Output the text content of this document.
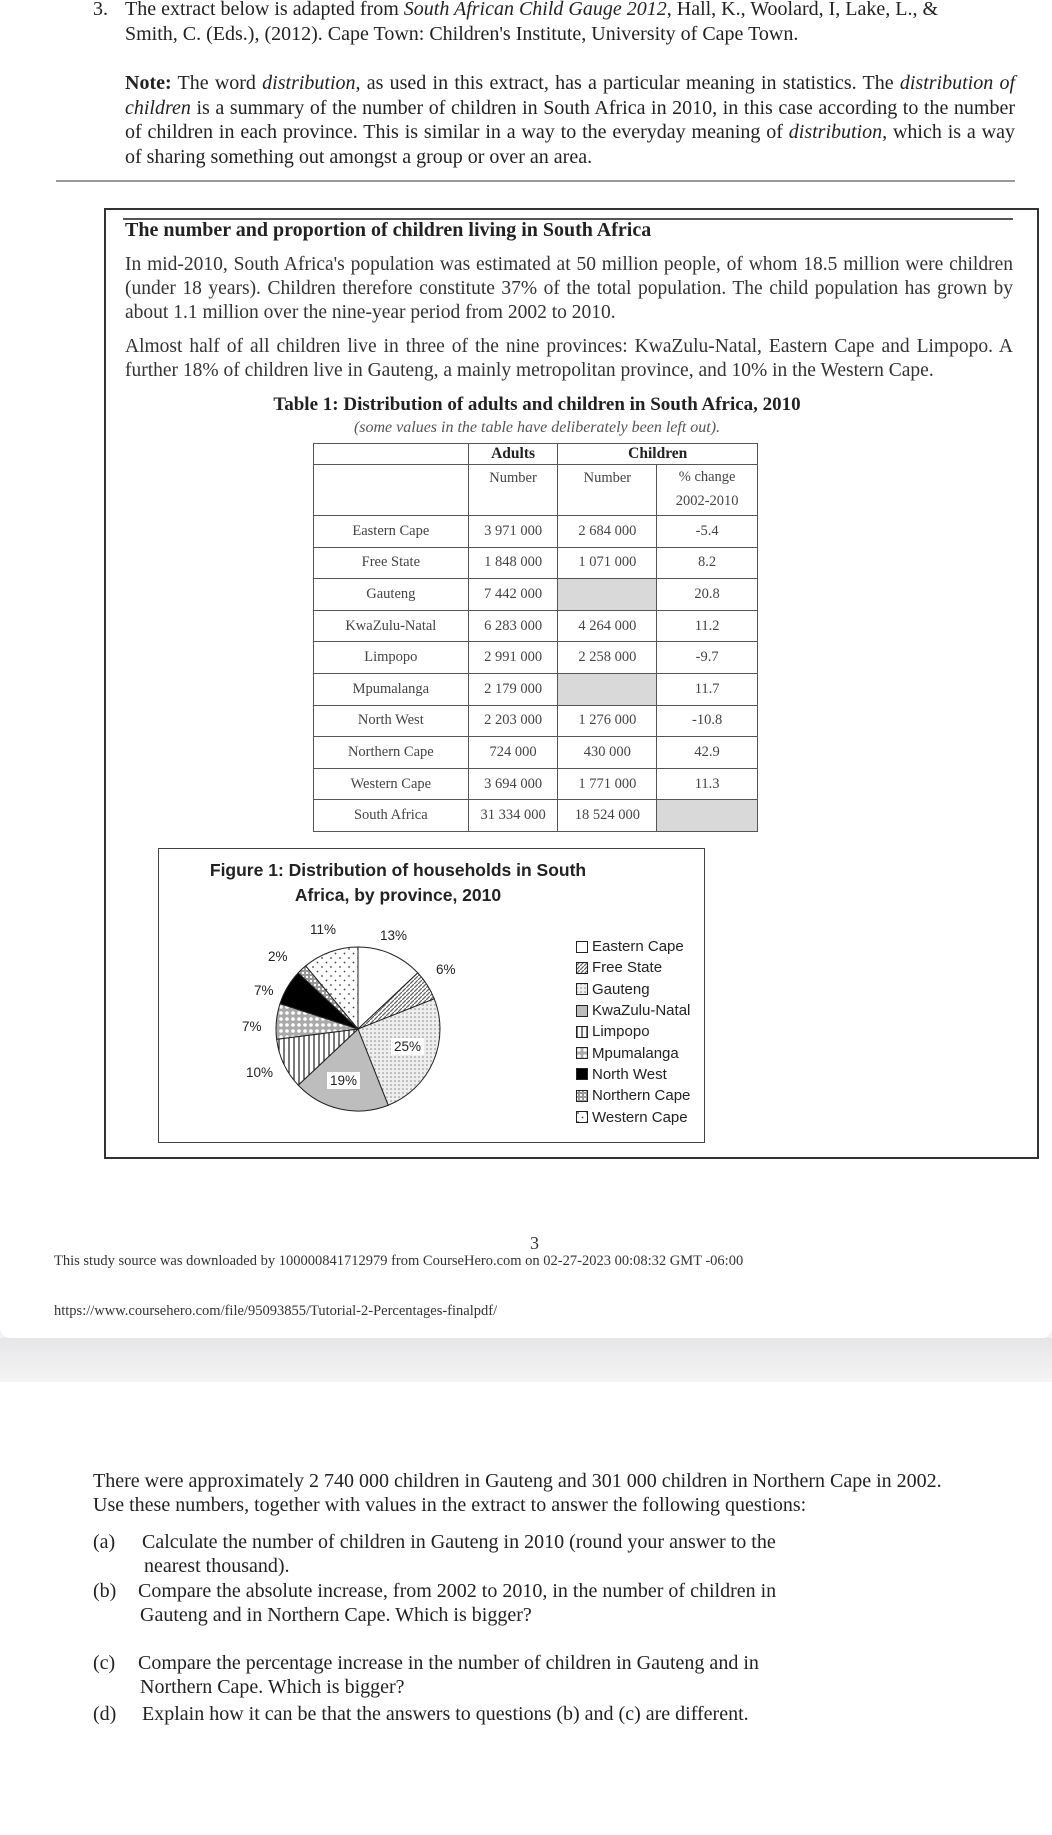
3. The extract below is adapted from South African Child Gauge 2012, Hall, K., Woolard, I, Lake, L., &
Smith, C. (Eds.), (2012). Cape Town: Children's Institute, University of Cape Town.
Note: The word distribution, as used in this extract, has a particular meaning in statistics. The distribution of children is a summary of the number of children in South Africa in 2010, in this case according to the number of children in each province. This is similar in a way to the everyday meaning of distribution, which is a way of sharing something out amongst a group or over an area.
The number and proportion of children living in South Africa
In mid-2010, South Africa's population was estimated at 50 million people, of whom 18.5 million were children (under 18 years). Children therefore constitute 37% of the total population. The child population has grown by about 1.1 million over the nine-year period from 2002 to 2010.
Almost half of all children live in three of the nine provinces: KwaZulu-Natal, Eastern Cape and Limpopo. A further 18% of children live in Gauteng, a mainly metropolitan province, and 10% in the Western Cape.
Table 1: Distribution of adults and children in South Africa, 2010
(some values in the table have deliberately been left out).
	Adults	Children	
	Number	Number	% change
2002-2010
Eastern Cape	3 971 000	2 684 000	-5.4
Free State	1 848 000	1 071 000	8.2
Gauteng	7 442 000		20.8
KwaZulu-Natal	6 283 000	4 264 000	11.2
Limpopo	2 991 000	2 258 000	-9.7
Mpumalanga	2 179 000		11.7
North West	2 203 000	1 276 000	-10.8
Northern Cape	724 000	430 000	42.9
Western Cape	3 694 000	1 771 000	11.3
South Africa	31 334 000	18 524 000	
Figure 1: Distribution of households in South
Africa, by province, 2010
13%
6%
25%
19%
10%
7%
7%
2%
11%
Eastern Cape
Free State
Gauteng
KwaZulu-Natal
Limpopo
Mpumalanga
North West
Northern Cape
Western Cape
3
This study source was downloaded by 100000841712979 from CourseHero.com on 02-27-2023 00:08:32 GMT -06:00
https://www.coursehero.com/file/95093855/Tutorial-2-Percentages-finalpdf/
There were approximately 2 740 000 children in Gauteng and 301 000 children in Northern Cape in 2002.
Use these numbers, together with values in the extract to answer the following questions:
(a) Calculate the number of children in Gauteng in 2010 (round your answer to the
nearest thousand).
(b) Compare the absolute increase, from 2002 to 2010, in the number of children in
Gauteng and in Northern Cape. Which is bigger?
(c) Compare the percentage increase in the number of children in Gauteng and in
Northern Cape. Which is bigger?
(d) Explain how it can be that the answers to questions (b) and (c) are different.
